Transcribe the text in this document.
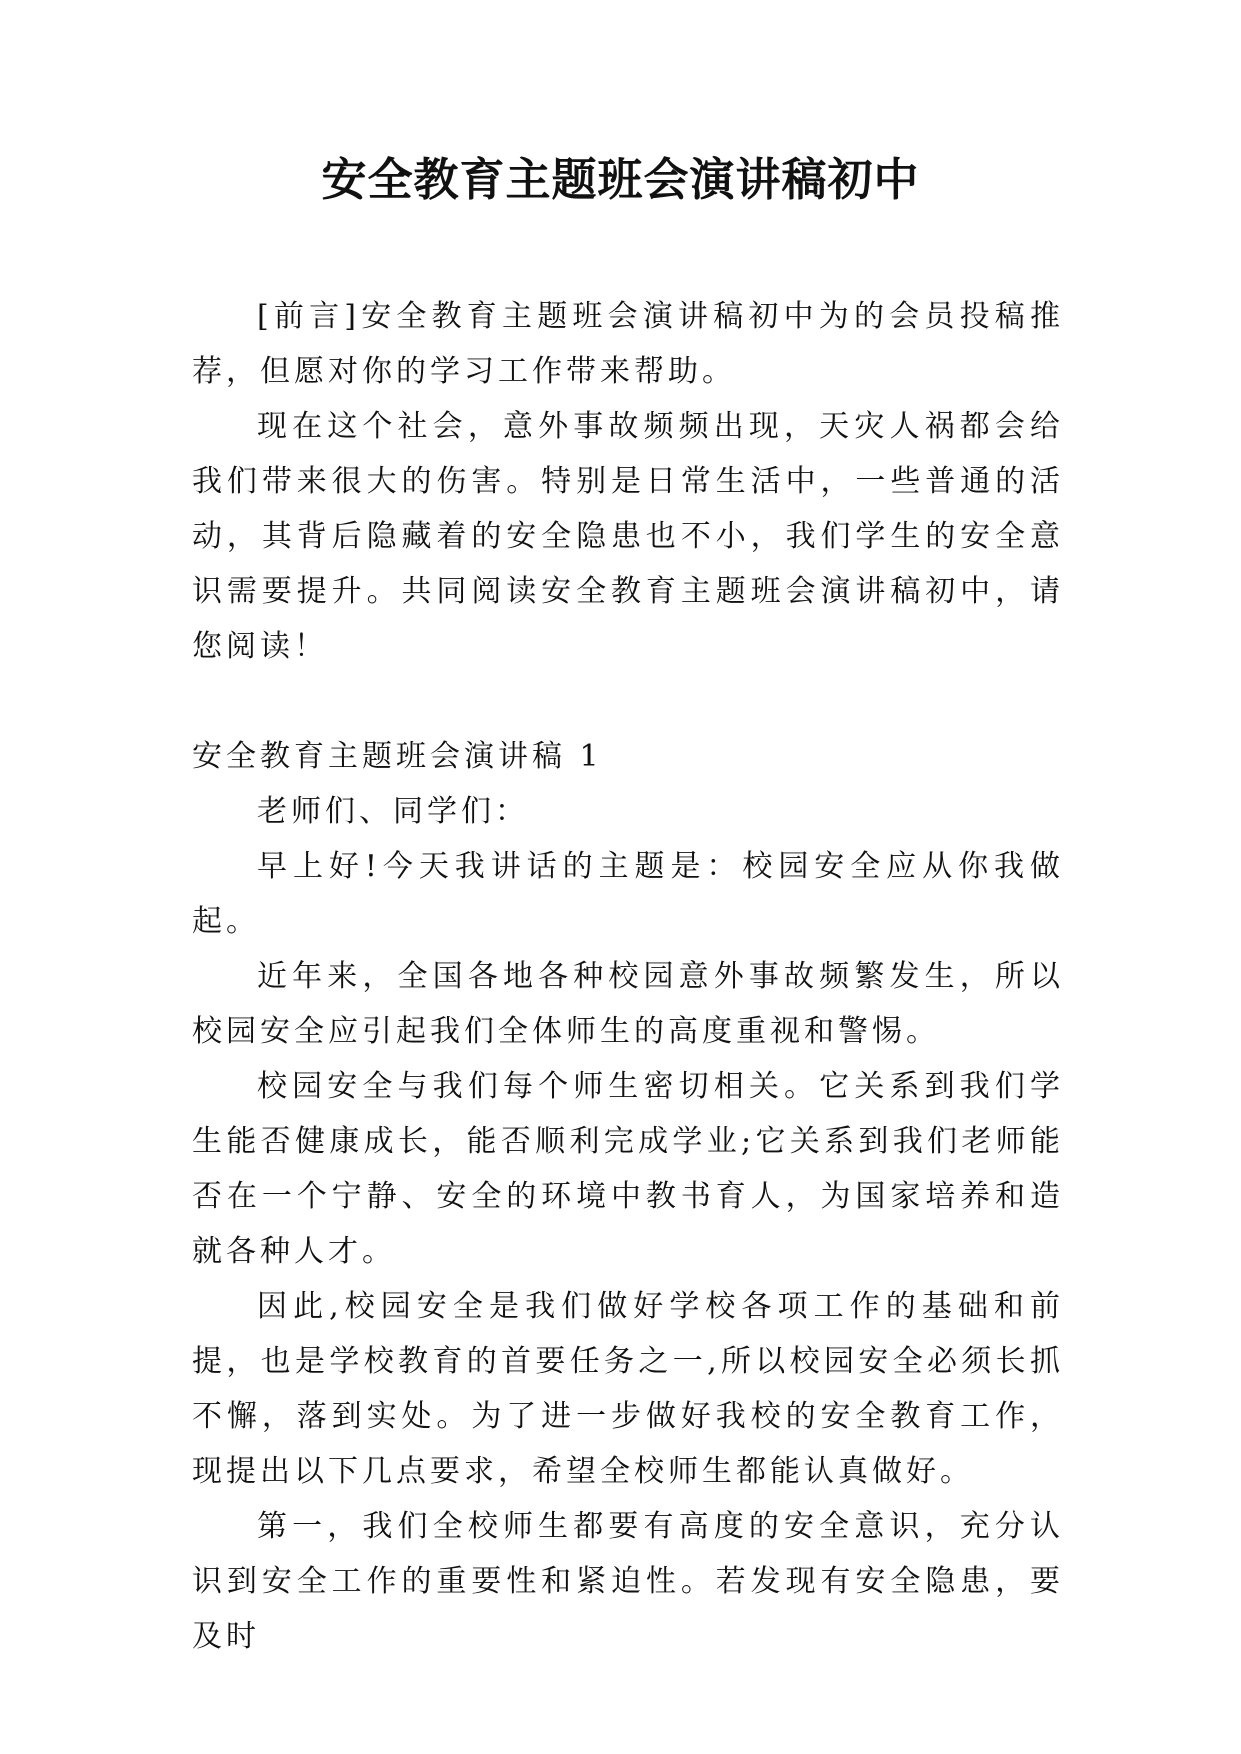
安全教育主题班会演讲稿初中

[前言]安全教育主题班会演讲稿初中为的会员投稿推荐，但愿对你的学习工作带来帮助。

现在这个社会，意外事故频频出现，天灾人祸都会给我们带来很大的伤害。特别是日常生活中，一些普通的活动，其背后隐藏着的安全隐患也不小，我们学生的安全意识需要提升。共同阅读安全教育主题班会演讲稿初中，请您阅读！

安全教育主题班会演讲稿 1

老师们、同学们：

早上好!今天我讲话的主题是：校园安全应从你我做起。

近年来，全国各地各种校园意外事故频繁发生，所以校园安全应引起我们全体师生的高度重视和警惕。

校园安全与我们每个师生密切相关。它关系到我们学生能否健康成长，能否顺利完成学业;它关系到我们老师能否在一个宁静、安全的环境中教书育人，为国家培养和造就各种人才。

因此,校园安全是我们做好学校各项工作的基础和前提，也是学校教育的首要任务之一,所以校园安全必须长抓不懈，落到实处。为了进一步做好我校的安全教育工作，现提出以下几点要求，希望全校师生都能认真做好。

第一，我们全校师生都要有高度的安全意识，充分认识到安全工作的重要性和紧迫性。若发现有安全隐患，要及时
